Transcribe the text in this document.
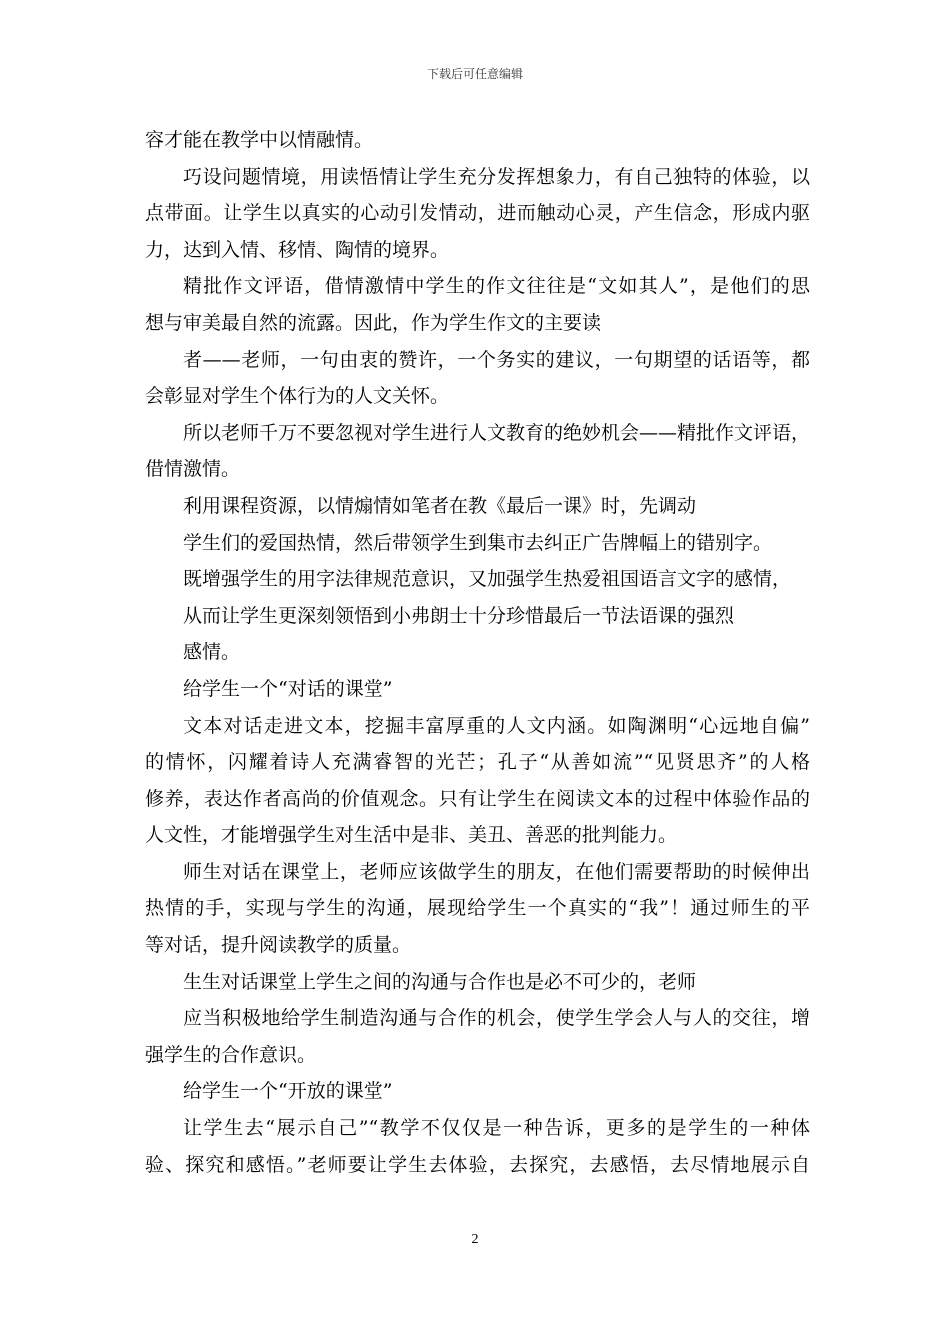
下载后可任意编辑
容才能在教学中以情融情。
巧设问题情境，用读悟情让学生充分发挥想象力，有自己独特的体验，以
点带面。让学生以真实的心动引发情动，进而触动心灵，产生信念，形成内驱
力，达到入情、移情、陶情的境界。
精批作文评语，借情激情中学生的作文往往是“文如其人”，是他们的思
想与审美最自然的流露。因此，作为学生作文的主要读
者——老师，一句由衷的赞许，一个务实的建议，一句期望的话语等，都
会彰显对学生个体行为的人文关怀。
所以老师千万不要忽视对学生进行人文教育的绝妙机会——精批作文评语，
借情激情。
利用课程资源，以情煽情如笔者在教《最后一课》时，先调动
学生们的爱国热情，然后带领学生到集市去纠正广告牌幅上的错别字。
既增强学生的用字法律规范意识，又加强学生热爱祖国语言文字的感情，
从而让学生更深刻领悟到小弗朗士十分珍惜最后一节法语课的强烈
感情。
给学生一个“对话的课堂”
文本对话走进文本，挖掘丰富厚重的人文内涵。如陶渊明“心远地自偏”
的情怀，闪耀着诗人充满睿智的光芒；孔子“从善如流”“见贤思齐”的人格
修养，表达作者高尚的价值观念。只有让学生在阅读文本的过程中体验作品的
人文性，才能增强学生对生活中是非、美丑、善恶的批判能力。
师生对话在课堂上，老师应该做学生的朋友，在他们需要帮助的时候伸出
热情的手，实现与学生的沟通，展现给学生一个真实的“我”！通过师生的平
等对话，提升阅读教学的质量。
生生对话课堂上学生之间的沟通与合作也是必不可少的，老师
应当积极地给学生制造沟通与合作的机会，使学生学会人与人的交往，增
强学生的合作意识。
给学生一个“开放的课堂”
让学生去“展示自己”“教学不仅仅是一种告诉，更多的是学生的一种体
验、探究和感悟。”老师要让学生去体验，去探究，去感悟，去尽情地展示自
2
